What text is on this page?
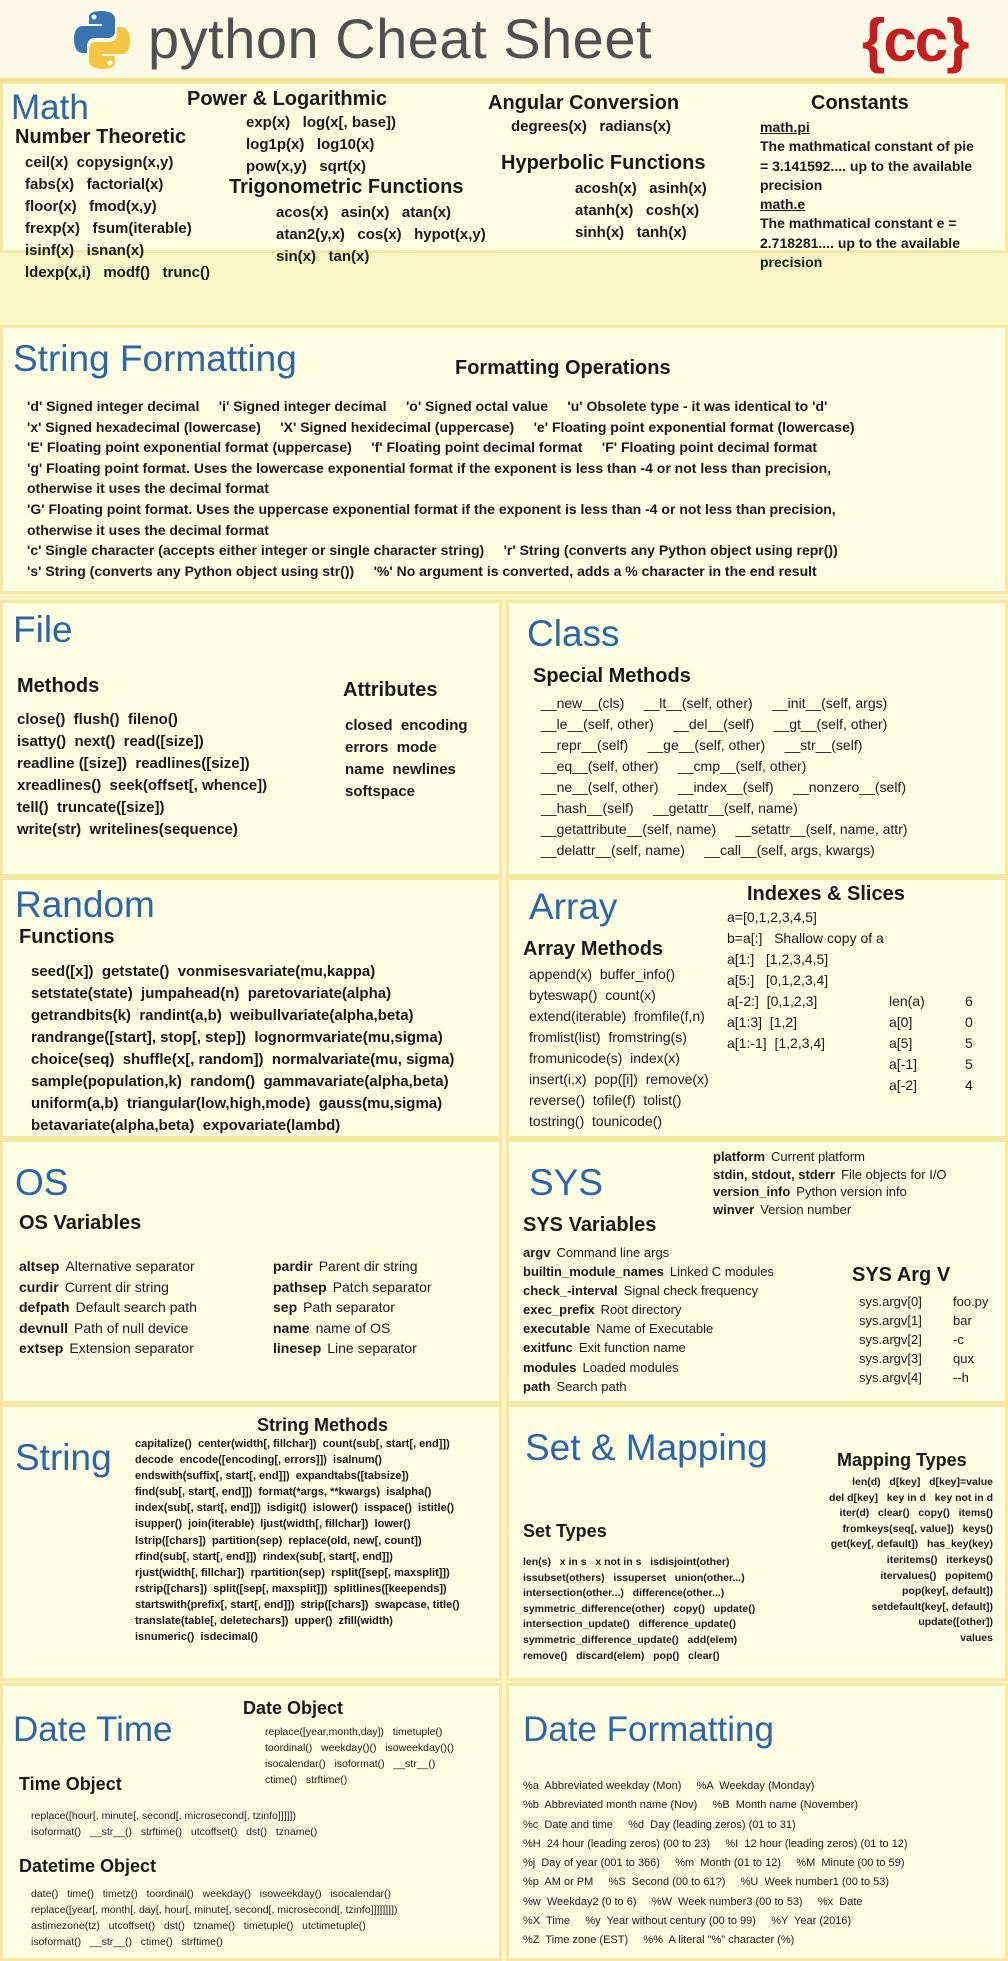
python Cheat Sheet	{cc}
Math
Number Theoretic
ceil(x)  copysign(x,y)
fabs(x)   factorial(x)
floor(x)   fmod(x,y)
frexp(x)   fsum(iterable)
isinf(x)   isnan(x)
ldexp(x,i)   modf()   trunc()
Power & Logarithmic
exp(x)   log(x[, base])
log1p(x)   log10(x)
pow(x,y)   sqrt(x)
Trigonometric Functions
acos(x)   asin(x)   atan(x)
atan2(y,x)   cos(x)   hypot(x,y)
sin(x)   tan(x)
Angular Conversion
degrees(x)   radians(x)
Hyperbolic Functions
acosh(x)   asinh(x)
atanh(x)   cosh(x)
sinh(x)   tanh(x)
Constants
math.pi
The mathmatical constant of pie
= 3.141592.... up to the available
precision
math.e
The mathmatical constant e =
2.718281.... up to the available
precision
String Formatting	Formatting Operations
'd' Signed integer decimal     'i' Signed integer decimal     'o' Signed octal value     'u' Obsolete type - it was identical to 'd'
'x' Signed hexadecimal (lowercase)     'X' Signed hexidecimal (uppercase)     'e' Floating point exponential format (lowercase)
'E' Floating point exponential format (uppercase)     'f' Floating point decimal format     'F' Floating point decimal format
'g' Floating point format. Uses the lowercase exponential format if the exponent is less than -4 or not less than precision,
otherwise it uses the decimal format
'G' Floating point format. Uses the uppercase exponential format if the exponent is less than -4 or not less than precision,
otherwise it uses the decimal format
'c' Single character (accepts either integer or single character string)     'r' String (converts any Python object using repr())
's' String (converts any Python object using str())     '%' No argument is converted, adds a % character in the end result
File
Methods
close()  flush()  fileno()
isatty()  next()  read([size])
readline ([size])  readlines([size])
xreadlines()  seek(offset[, whence])
tell()  truncate([size])
write(str)  writelines(sequence)
Attributes
closed  encoding
errors  mode
name  newlines
softspace
Class
Special Methods
__new__(cls)     __lt__(self, other)     __init__(self, args)
__le__(self, other)     __del__(self)     __gt__(self, other)
__repr__(self)     __ge__(self, other)     __str__(self)
__eq__(self, other)     __cmp__(self, other)
__ne__(self, other)     __index__(self)     __nonzero__(self)
__hash__(self)     __getattr__(self, name)
__getattribute__(self, name)     __setattr__(self, name, attr)
__delattr__(self, name)     __call__(self, args, kwargs)
Random
Functions
seed([x])  getstate()  vonmisesvariate(mu,kappa)
setstate(state)  jumpahead(n)  paretovariate(alpha)
getrandbits(k)  randint(a,b)  weibullvariate(alpha,beta)
randrange([start], stop[, step])  lognormvariate(mu,sigma)
choice(seq)  shuffle(x[, random])  normalvariate(mu, sigma)
sample(population,k)  random()  gammavariate(alpha,beta)
uniform(a,b)  triangular(low,high,mode)  gauss(mu,sigma)
betavariate(alpha,beta)  expovariate(lambd)
Array
Array Methods
append(x)  buffer_info()
byteswap()  count(x)
extend(iterable)  fromfile(f,n)
fromlist(list)  fromstring(s)
fromunicode(s)  index(x)
insert(i,x)  pop([i])  remove(x)
reverse()  tofile(f)  tolist()
tostring()  tounicode()
Indexes & Slices
a=[0,1,2,3,4,5]
b=a[:]   Shallow copy of a
a[1:]   [1,2,3,4,5]
a[5:]   [0,1,2,3,4]
a[-2:]  [0,1,2,3]
a[1:3]  [1,2]
a[1:-1]  [1,2,3,4]
len(a)	6
a[0]	0
a[5]	5
a[-1]	5
a[-2]	4
OS
OS Variables
altsep Alternative separator
curdir Current dir string
defpath Default search path
devnull Path of null device
extsep Extension separator
pardir Parent dir string
pathsep Patch separator
sep Path separator
name name of OS
linesep Line separator
SYS
platform Current platform
stdin, stdout, stderr File objects for I/O
version_info Python version info
winver Version number
SYS Variables
argv Command line args
builtin_module_names Linked C modules
check_-interval Signal check frequency
exec_prefix Root directory
executable Name of Executable
exitfunc Exit function name
modules Loaded modules
path Search path
SYS Arg V
sys.argv[0]	foo.py
sys.argv[1]	bar
sys.argv[2]	-c
sys.argv[3]	qux
sys.argv[4]	--h
String
String Methods
capitalize()  center(width[, fillchar])  count(sub[, start[, end]])
decode  encode([encoding[, errors]])  isalnum()
endswith(suffix[, start[, end]])  expandtabs([tabsize])
find(sub[, start[, end]])  format(*args, **kwargs)  isalpha()
index(sub[, start[, end]])  isdigit()  islower()  isspace()  istitle()
isupper()  join(iterable)  ljust(width[, fillchar])  lower()
lstrip([chars])  partition(sep)  replace(old, new[, count])
rfind(sub[, start[, end]])  rindex(sub[, start[, end]])
rjust(width[, fillchar])  rpartition(sep)  rsplit([sep[, maxsplit]])
rstrip([chars])  split([sep[, maxsplit]])  splitlines([keepends])
startswith(prefix[, start[, end]])  strip([chars])  swapcase, title()
translate(table[, deletechars])  upper()  zfill(width)
isnumeric()  isdecimal()
Set & Mapping	Mapping Types
len(d)   d[key]   d[key]=value
del d[key]   key in d   key not in d
iter(d)   clear()   copy()   items()
fromkeys(seq[, value])   keys()
get(key[, default])   has_key(key)
iteritems()   iterkeys()
itervalues()   popitem()
pop(key[, default])
setdefault(key[, default])
update([other])
values
Set Types
len(s)   x in s   x not in s   isdisjoint(other)
issubset(others)   issuperset   union(other...)
intersection(other...)   difference(other...)
symmetric_difference(other)   copy()   update()
intersection_update()   difference_update()
symmetric_difference_update()   add(elem)
remove()   discard(elem)   pop()   clear()
Date Time
Date Object
replace([year,month,day])   timetuple()
toordinal()   weekday()()   isoweekday()()
isocalendar()   isoformat()   __str__()
ctime()   strftime()
Time Object
replace([hour[, minute[, second[, microsecond[, tzinfo]]]]])
isoformat()   __str__()   strftime()   utcoffset()   dst()   tzname()
Datetime Object
date()   time()   timetz()   toordinal()   weekday()   isoweekday()   isocalendar()
replace([year[, month[, day[, hour[, minute[, second[, microsecond[, tzinfo]]]]]]]])
astimezone(tz)   utcoffset()   dst()   tzname()   timetuple()   utctimetuple()
isoformat()   __str__()   ctime()   strftime()
Date Formatting
%a  Abbreviated weekday (Mon)     %A  Weekday (Monday)
%b  Abbreviated month name (Nov)     %B  Month name (November)
%c  Date and time     %d  Day (leading zeros) (01 to 31)
%H  24 hour (leading zeros) (00 to 23)     %I  12 hour (leading zeros) (01 to 12)
%j  Day of year (001 to 366)     %m  Month (01 to 12)     %M  Minute (00 to 59)
%p  AM or PM     %S  Second (00 to 61?)     %U  Week number1 (00 to 53)
%w  Weekday2 (0 to 6)     %W  Week number3 (00 to 53)     %x  Date
%X  Time     %y  Year without century (00 to 99)     %Y  Year (2016)
%Z  Time zone (EST)     %%  A literal "%" character (%)
